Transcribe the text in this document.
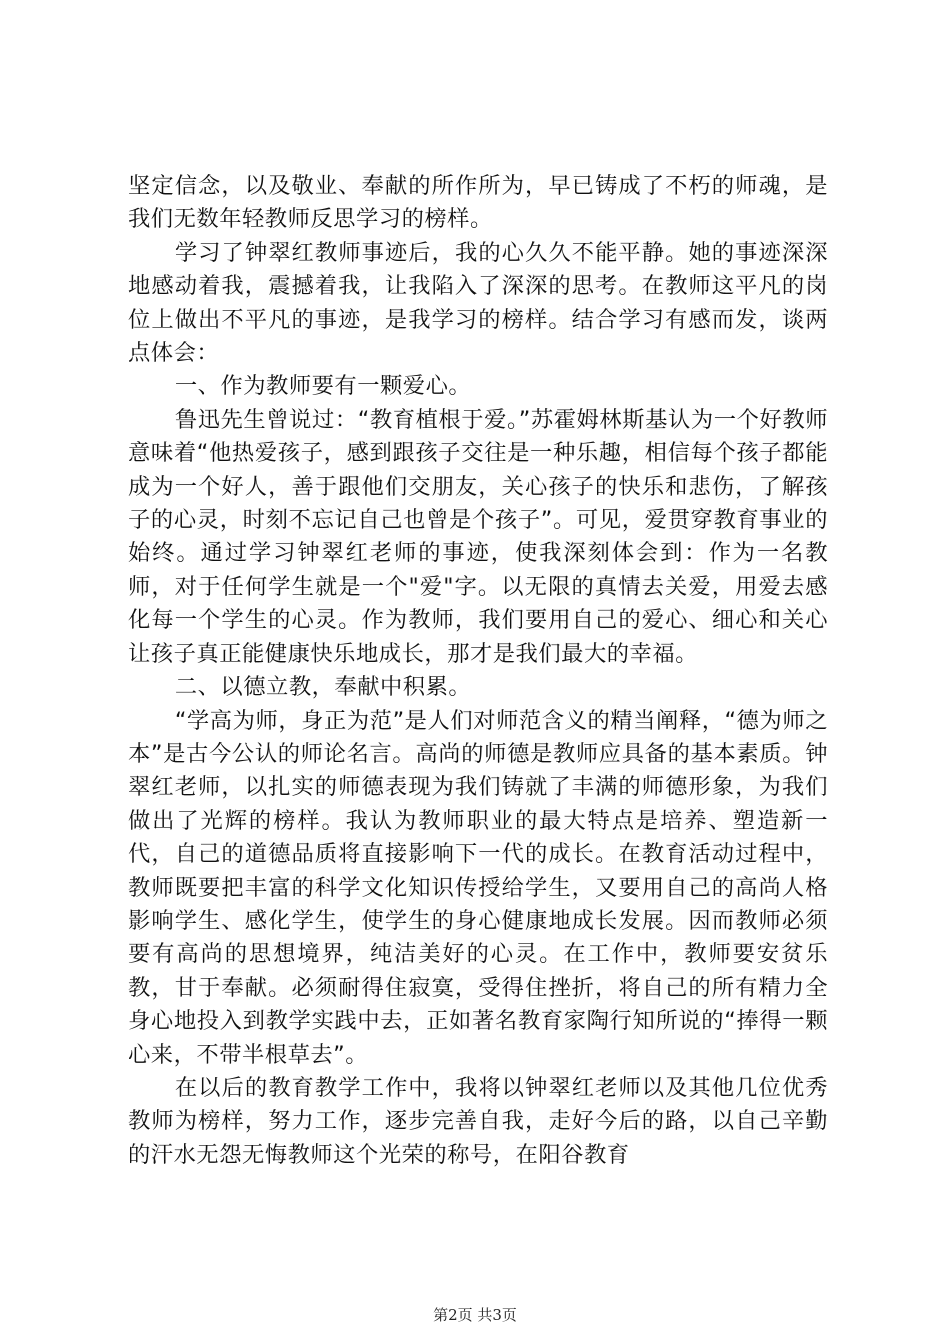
坚定信念，以及敬业、奉献的所作所为，早已铸成了不朽的师魂，是我们无数年轻教师反思学习的榜样。

学习了钟翠红教师事迹后，我的心久久不能平静。她的事迹深深地感动着我，震撼着我，让我陷入了深深的思考。在教师这平凡的岗位上做出不平凡的事迹，是我学习的榜样。结合学习有感而发，谈两点体会：

一、作为教师要有一颗爱心。

鲁迅先生曾说过：“教育植根于爱。”苏霍姆林斯基认为一个好教师意味着“他热爱孩子，感到跟孩子交往是一种乐趣，相信每个孩子都能成为一个好人，善于跟他们交朋友，关心孩子的快乐和悲伤，了解孩子的心灵，时刻不忘记自己也曾是个孩子”。可见，爱贯穿教育事业的始终。通过学习钟翠红老师的事迹，使我深刻体会到：作为一名教师，对于任何学生就是一个"爱"字。以无限的真情去关爱，用爱去感化每一个学生的心灵。作为教师，我们要用自己的爱心、细心和关心让孩子真正能健康快乐地成长，那才是我们最大的幸福。

二、以德立教，奉献中积累。

“学高为师，身正为范”是人们对师范含义的精当阐释，“德为师之本”是古今公认的师论名言。高尚的师德是教师应具备的基本素质。钟翠红老师，以扎实的师德表现为我们铸就了丰满的师德形象，为我们做出了光辉的榜样。我认为教师职业的最大特点是培养、塑造新一代，自己的道德品质将直接影响下一代的成长。在教育活动过程中，教师既要把丰富的科学文化知识传授给学生，又要用自己的高尚人格影响学生、感化学生，使学生的身心健康地成长发展。因而教师必须要有高尚的思想境界，纯洁美好的心灵。在工作中，教师要安贫乐教，甘于奉献。必须耐得住寂寞，受得住挫折，将自己的所有精力全身心地投入到教学实践中去，正如著名教育家陶行知所说的“捧得一颗心来，不带半根草去”。

在以后的教育教学工作中，我将以钟翠红老师以及其他几位优秀教师为榜样，努力工作，逐步完善自我，走好今后的路，以自己辛勤的汗水无怨无悔教师这个光荣的称号，在阳谷教育

第2页 共3页
